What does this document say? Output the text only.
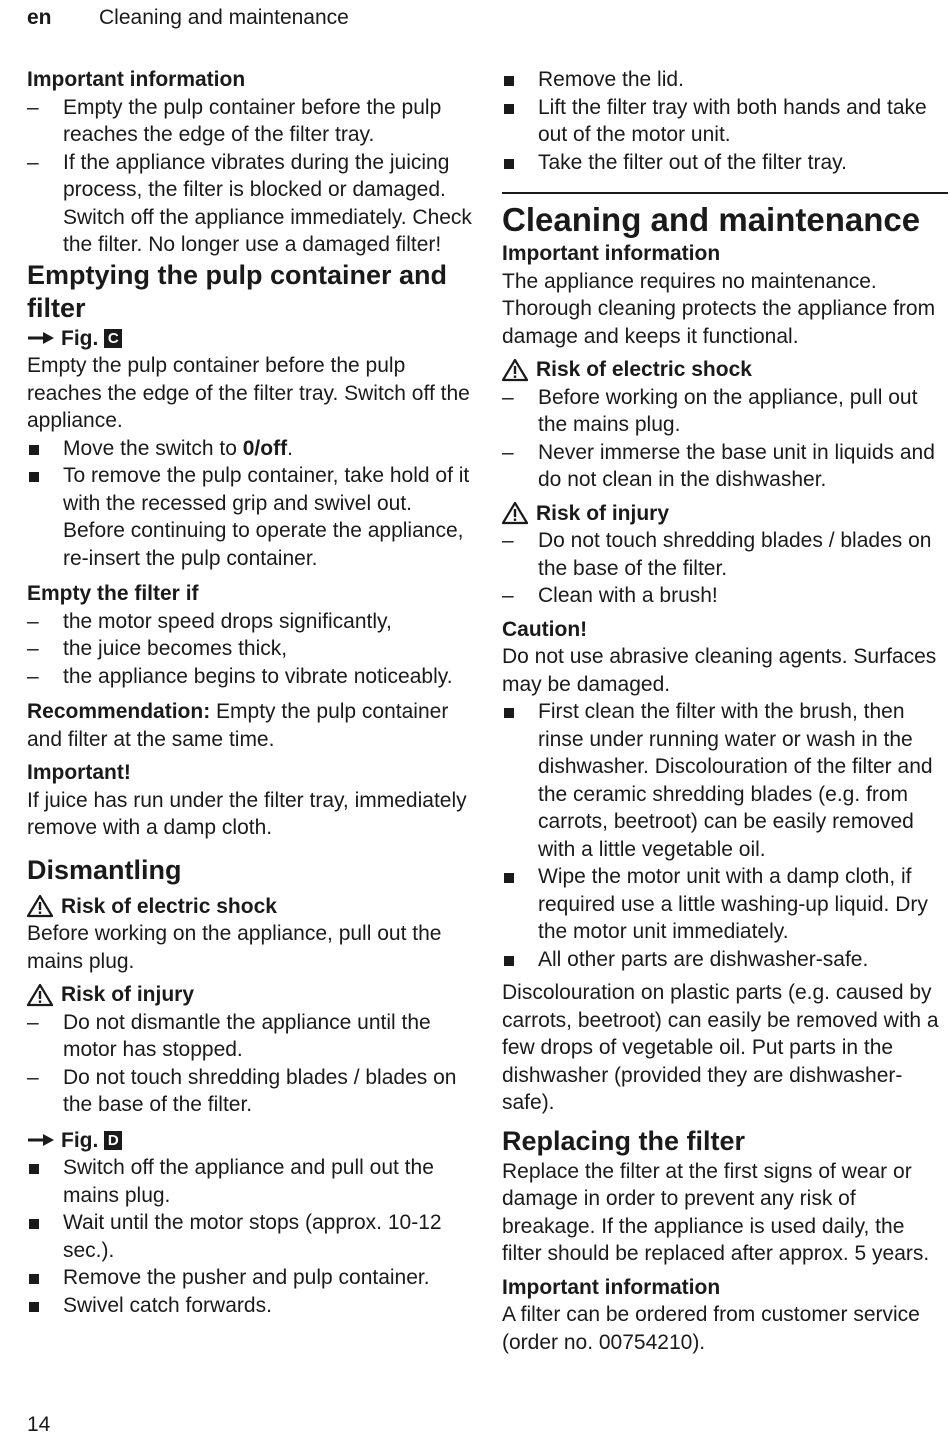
en Cleaning and maintenance

Important information

– Empty the pulp container before the pulp reaches the edge of the filter tray.
– If the appliance vibrates during the juicing process, the filter is blocked or damaged. Switch off the appliance immediately. Check the filter. No longer use a damaged filter!

Emptying the pulp container and filter

Fig. C

Empty the pulp container before the pulp reaches the edge of the filter tray. Switch off the appliance.

Move the switch to 0/off.
To remove the pulp container, take hold of it with the recessed grip and swivel out. Before continuing to operate the appliance, re-insert the pulp container.

Empty the filter if

– the motor speed drops significantly,
– the juice becomes thick,
– the appliance begins to vibrate noticeably.

Recommendation: Empty the pulp container and filter at the same time.

Important!

If juice has run under the filter tray, immediately remove with a damp cloth.

Dismantling

Risk of electric shock

Before working on the appliance, pull out the mains plug.

Risk of injury

– Do not dismantle the appliance until the motor has stopped.
– Do not touch shredding blades / blades on the base of the filter.

Fig. D

Switch off the appliance and pull out the mains plug.
Wait until the motor stops (approx. 10-12 sec.).
Remove the pusher and pulp container.
Swivel catch forwards.
Remove the lid.
Lift the filter tray with both hands and take out of the motor unit.
Take the filter out of the filter tray.

Cleaning and maintenance

Important information

The appliance requires no maintenance. Thorough cleaning protects the appliance from damage and keeps it functional.

Risk of electric shock

– Before working on the appliance, pull out the mains plug.
– Never immerse the base unit in liquids and do not clean in the dishwasher.

Risk of injury

– Do not touch shredding blades / blades on the base of the filter.
– Clean with a brush!

Caution!

Do not use abrasive cleaning agents. Surfaces may be damaged.

First clean the filter with the brush, then rinse under running water or wash in the dishwasher. Discolouration of the filter and the ceramic shredding blades (e.g. from carrots, beetroot) can be easily removed with a little vegetable oil.
Wipe the motor unit with a damp cloth, if required use a little washing-up liquid. Dry the motor unit immediately.
All other parts are dishwasher-safe.

Discolouration on plastic parts (e.g. caused by carrots, beetroot) can easily be removed with a few drops of vegetable oil. Put parts in the dishwasher (provided they are dishwasher-safe).

Replacing the filter

Replace the filter at the first signs of wear or damage in order to prevent any risk of breakage. If the appliance is used daily, the filter should be replaced after approx. 5 years.

Important information

A filter can be ordered from customer service (order no. 00754210).

14
